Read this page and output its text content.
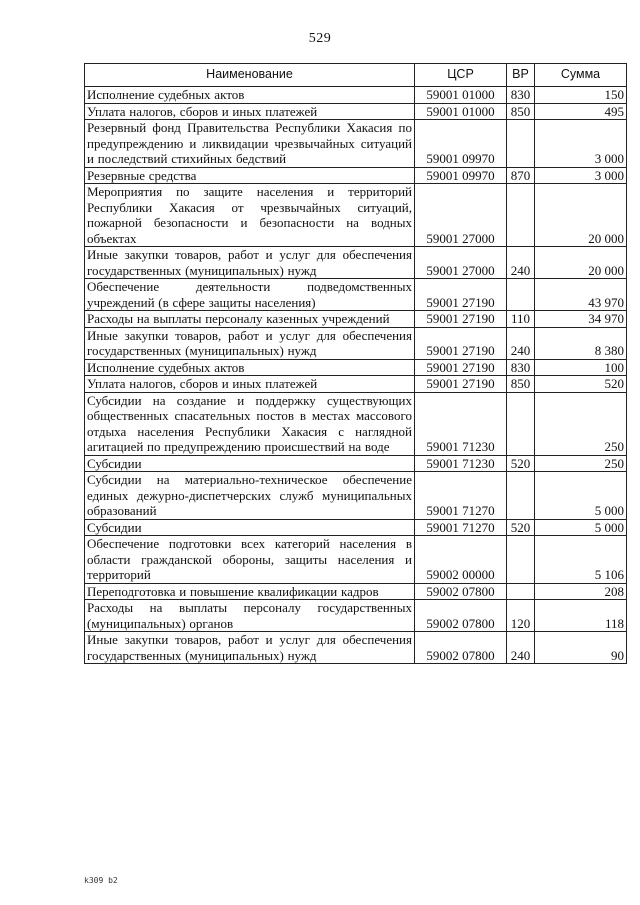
529
Наименование	ЦСР	ВР	Сумма
Исполнение судебных актов	59001 01000	830	150
Уплата налогов, сборов и иных платежей	59001 01000	850	495
Резервный фонд Правительства Республики Хакасия по предупреждению и ликвидации чрезвычайных ситуаций и последствий стихийных бедствий	59001 09970		3 000
Резервные средства	59001 09970	870	3 000
Мероприятия по защите населения и территорий Республики Хакасия от чрезвычайных ситуаций, пожарной безопасности и безопасности на водных объектах	59001 27000		20 000
Иные закупки товаров, работ и услуг для обеспечения государственных (муниципальных) нужд	59001 27000	240	20 000
Обеспечение деятельности подведомственных учреждений (в сфере защиты населения)	59001 27190		43 970
Расходы на выплаты персоналу казенных учреждений	59001 27190	110	34 970
Иные закупки товаров, работ и услуг для обеспечения государственных (муниципальных) нужд	59001 27190	240	8 380
Исполнение судебных актов	59001 27190	830	100
Уплата налогов, сборов и иных платежей	59001 27190	850	520
Субсидии на создание и поддержку существующих общественных спасательных постов в местах массового отдыха населения Республики Хакасия с наглядной агитацией по предупреждению происшествий на воде	59001 71230		250
Субсидии	59001 71230	520	250
Субсидии на материально-техническое обеспечение единых дежурно-диспетчерских служб муниципальных образований	59001 71270		5 000
Субсидии	59001 71270	520	5 000
Обеспечение подготовки всех категорий населения в области гражданской обороны, защиты населения и территорий	59002 00000		5 106
Переподготовка и повышение квалификации кадров	59002 07800		208
Расходы на выплаты персоналу государственных (муниципальных) органов	59002 07800	120	118
Иные закупки товаров, работ и услуг для обеспечения государственных (муниципальных) нужд	59002 07800	240	90
k309 b2
